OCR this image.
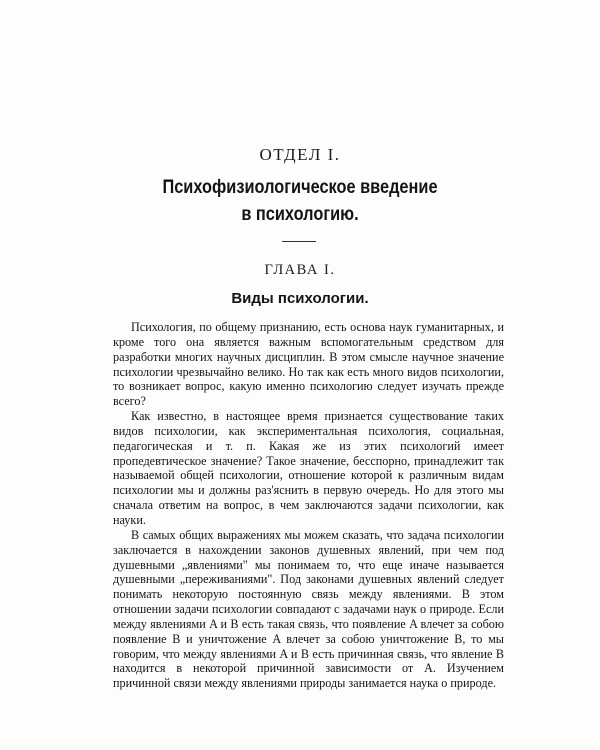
ОТДЕЛ I.
Психофизиологическое введение
в психологию.
ГЛАВА I.
Виды психологии.

Психология, по общему признанию, есть основа наук гуманитарных, и кроме того она является важным вспомогательным средством для разработки многих научных дисциплин. В этом смысле научное значение психологии чрезвычайно велико. Но так как есть много видов психологии, то возникает вопрос, какую именно психологию следует изучать прежде всего?

Как известно, в настоящее время признается существование таких видов психологии, как экспериментальная психология, социальная, педагогическая и т. п. Какая же из этих психологий имеет пропедевтическое значение? Такое значение, бесспорно, принадлежит так называемой общей психологии, отношение которой к различным видам психологии мы и должны раз'яснить в первую очередь. Но для этого мы сначала ответим на вопрос, в чем заключаются задачи психологии, как науки.

В самых общих выражениях мы можем сказать, что задача психологии заключается в нахождении законов душевных явлений, при чем под душевными „явлениями" мы понимаем то, что еще иначе называется душевными „переживаниями". Под законами душевных явлений следует понимать некоторую постоянную связь между явлениями. В этом отношении задачи психологии совпадают с задачами наук о природе. Если между явлениями A и B есть такая связь, что появление A влечет за собою появление B и уничтожение A влечет за собою уничтожение B, то мы говорим, что между явлениями A и B есть причинная связь, что явление B находится в некоторой причинной зависимости от A. Изучением причинной связи между явлениями природы занимается наука о природе.
